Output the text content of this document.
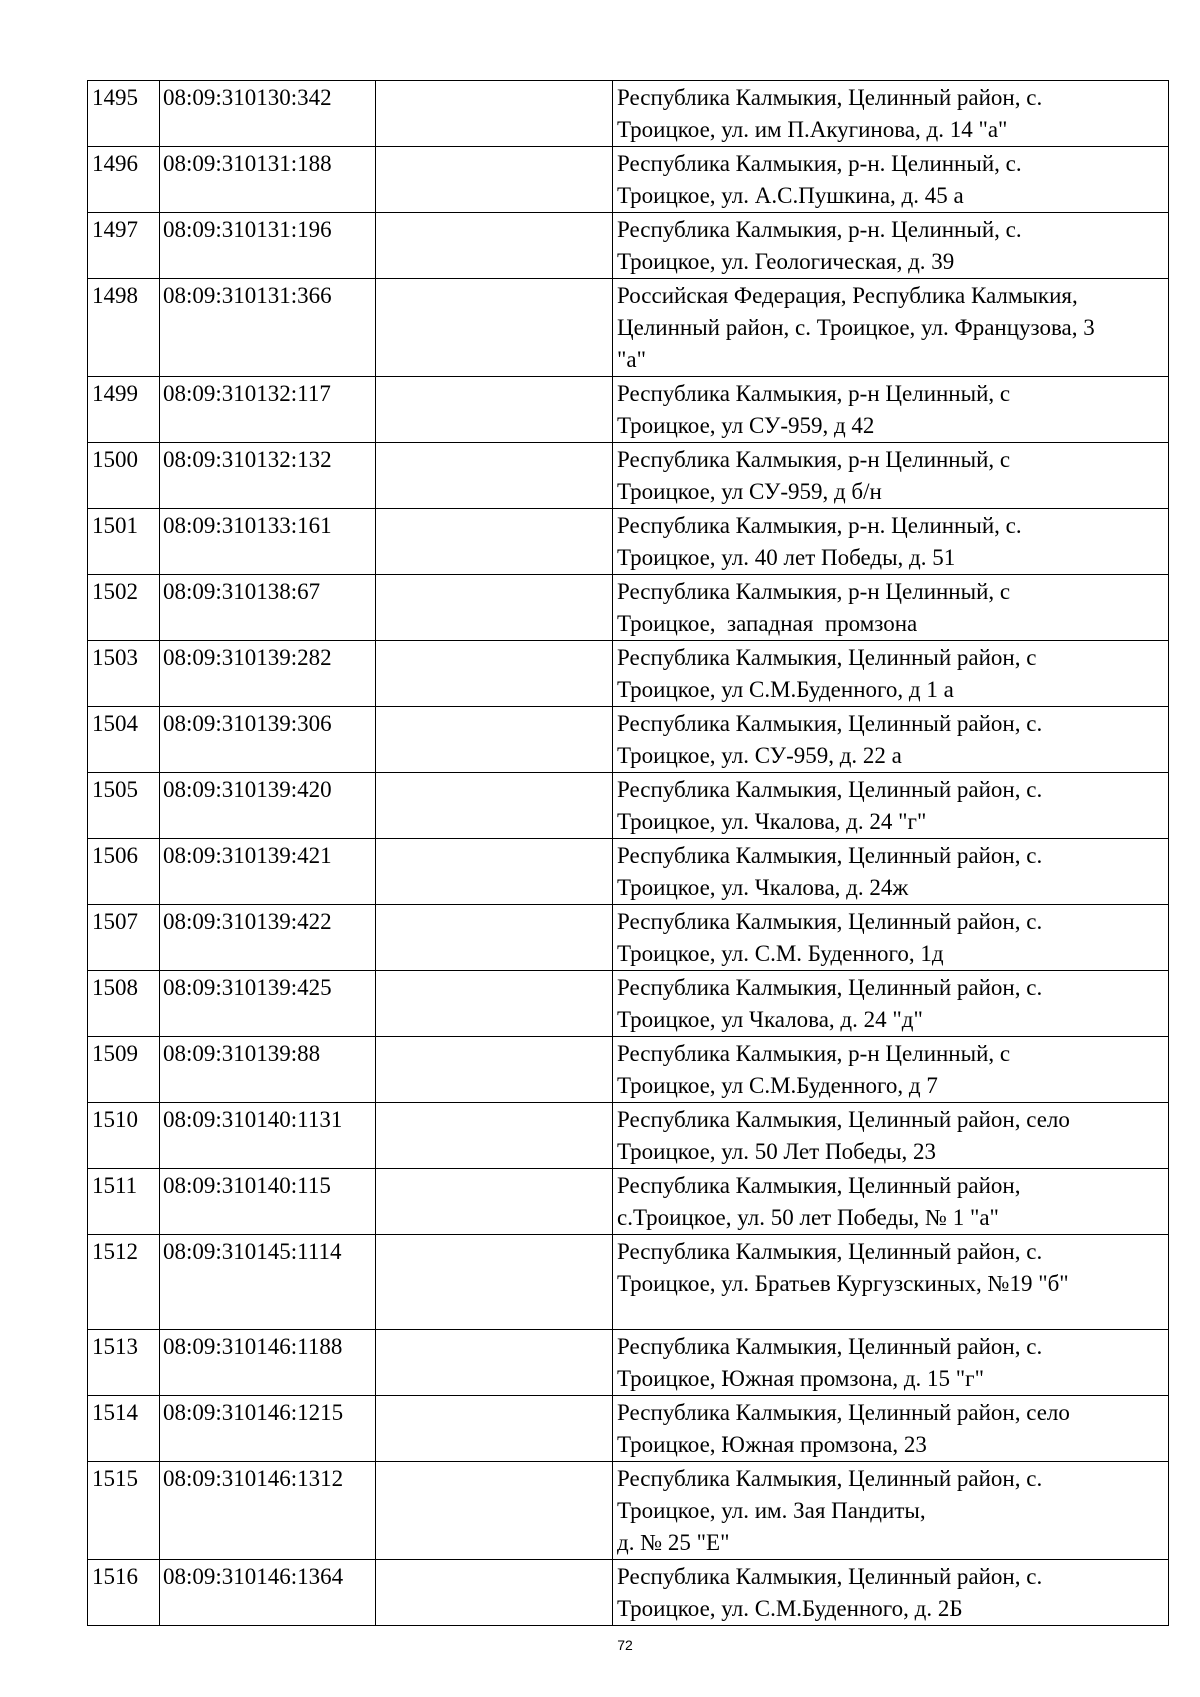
1495	08:09:310130:342		Республика Калмыкия, Целинный район, с.
Троицкое, ул. им П.Акугинова, д. 14 "а"

1496	08:09:310131:188		Республика Калмыкия, р-н. Целинный, с.
Троицкое, ул. А.С.Пушкина, д. 45 а

1497	08:09:310131:196		Республика Калмыкия, р-н. Целинный, с.
Троицкое, ул. Геологическая, д. 39

1498	08:09:310131:366		Российская Федерация, Республика Калмыкия,
Целинный район, с. Троицкое, ул. Французова, 3
"а"

1499	08:09:310132:117		Республика Калмыкия, р-н Целинный, с
Троицкое, ул СУ-959, д 42

1500	08:09:310132:132		Республика Калмыкия, р-н Целинный, с
Троицкое, ул СУ-959, д б/н

1501	08:09:310133:161		Республика Калмыкия, р-н. Целинный, с.
Троицкое, ул. 40 лет Победы, д. 51

1502	08:09:310138:67		Республика Калмыкия, р-н Целинный, с
Троицкое,  западная  промзона

1503	08:09:310139:282		Республика Калмыкия, Целинный район, с
Троицкое, ул С.М.Буденного, д 1 а

1504	08:09:310139:306		Республика Калмыкия, Целинный район, с.
Троицкое, ул. СУ-959, д. 22 а

1505	08:09:310139:420		Республика Калмыкия, Целинный район, с.
Троицкое, ул. Чкалова, д. 24 "г"

1506	08:09:310139:421		Республика Калмыкия, Целинный район, с.
Троицкое, ул. Чкалова, д. 24ж

1507	08:09:310139:422		Республика Калмыкия, Целинный район, с.
Троицкое, ул. С.М. Буденного, 1д

1508	08:09:310139:425		Республика Калмыкия, Целинный район, с.
Троицкое, ул Чкалова, д. 24 "д"

1509	08:09:310139:88		Республика Калмыкия, р-н Целинный, с
Троицкое, ул С.М.Буденного, д 7

1510	08:09:310140:1131		Республика Калмыкия, Целинный район, село
Троицкое, ул. 50 Лет Победы, 23

1511	08:09:310140:115		Республика Калмыкия, Целинный район,
с.Троицкое, ул. 50 лет Победы, № 1 "а"

1512	08:09:310145:1114		Республика Калмыкия, Целинный район, с.
Троицкое, ул. Братьев Кургузскиных, №19 "б"

1513	08:09:310146:1188		Республика Калмыкия, Целинный район, с.
Троицкое, Южная промзона, д. 15 "г"

1514	08:09:310146:1215		Республика Калмыкия, Целинный район, село
Троицкое, Южная промзона, 23

1515	08:09:310146:1312		Республика Калмыкия, Целинный район, с.
Троицкое, ул. им. Зая Пандиты,
д. № 25 "Е"

1516	08:09:310146:1364		Республика Калмыкия, Целинный район, с.
Троицкое, ул. С.М.Буденного, д. 2Б
72
